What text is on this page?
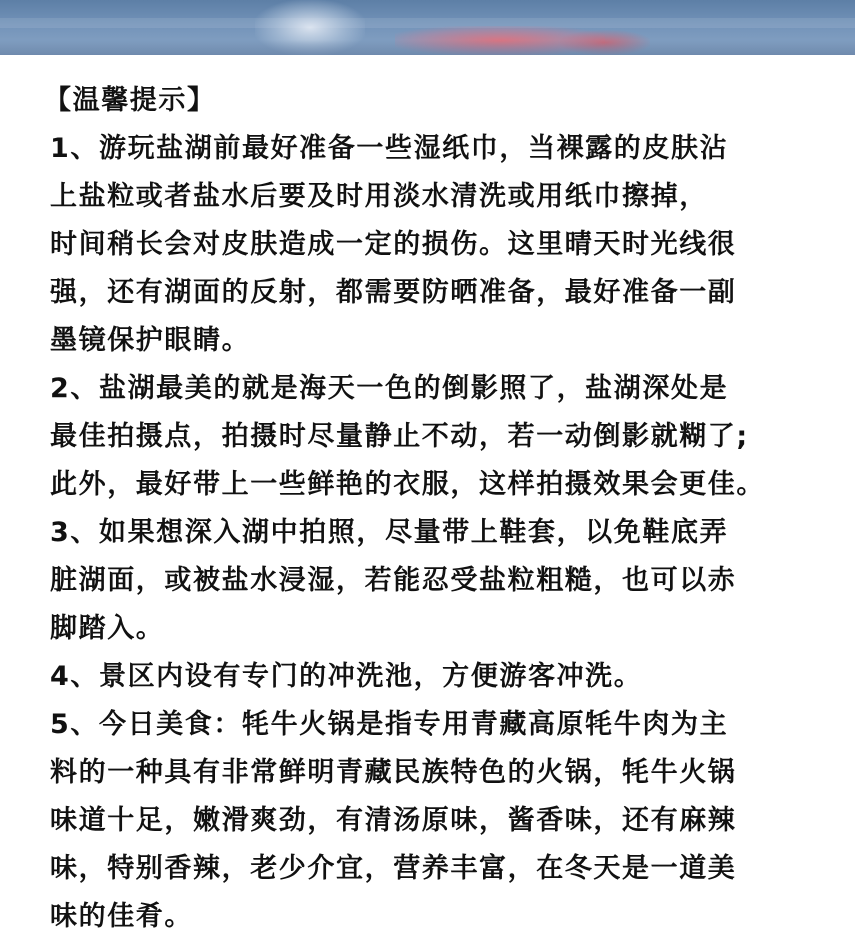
【温馨提示】
1、游玩盐湖前最好准备一些湿纸巾，当裸露的皮肤沾
上盐粒或者盐水后要及时用淡水清洗或用纸巾擦掉，
时间稍长会对皮肤造成一定的损伤。这里晴天时光线很
强，还有湖面的反射，都需要防晒准备，最好准备一副
墨镜保护眼睛。
2、盐湖最美的就是海天一色的倒影照了，盐湖深处是
最佳拍摄点，拍摄时尽量静止不动，若一动倒影就糊了;
此外，最好带上一些鲜艳的衣服，这样拍摄效果会更佳。
3、如果想深入湖中拍照，尽量带上鞋套，以免鞋底弄
脏湖面，或被盐水浸湿，若能忍受盐粒粗糙，也可以赤
脚踏入。
4、景区内设有专门的冲洗池，方便游客冲洗。
5、今日美食：牦牛火锅是指专用青藏高原牦牛肉为主
料的一种具有非常鲜明青藏民族特色的火锅，牦牛火锅
味道十足，嫩滑爽劲，有清汤原味，酱香味，还有麻辣
味，特别香辣，老少介宜，营养丰富，在冬天是一道美
味的佳肴。
